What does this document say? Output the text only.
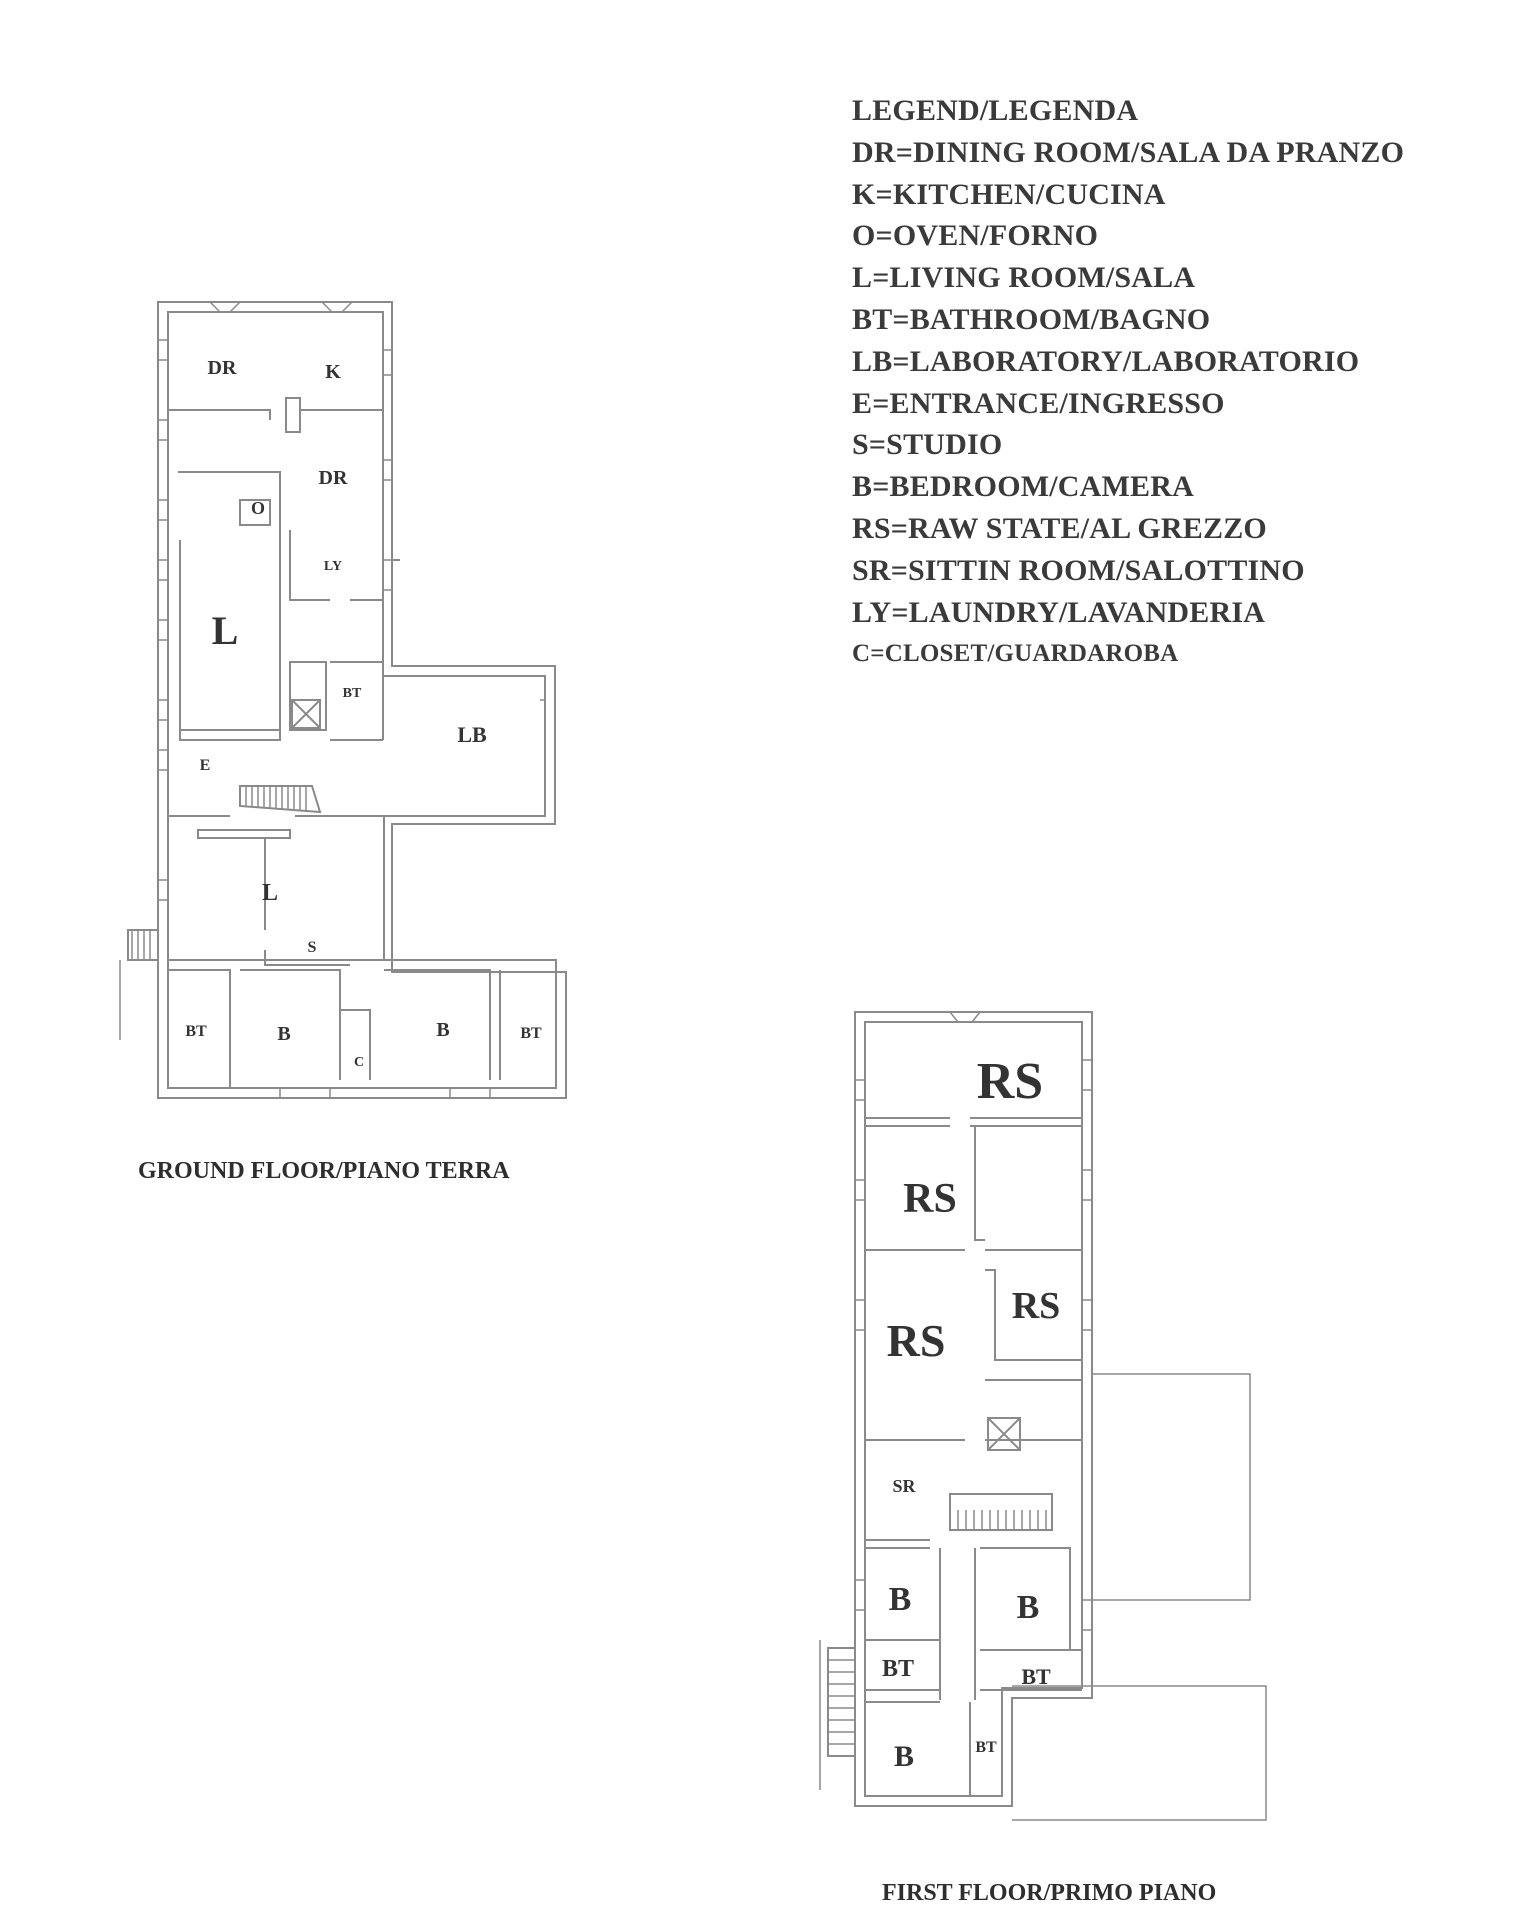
DR	K
DR
O
LY
L
BT
LB
E
L
S
BT	B
C
B	BT
RS
RS
RS
RS
SR
B	B
BT	BT
B	BT
LEGEND/LEGENDA
DR=DINING ROOM/SALA DA PRANZO
K=KITCHEN/CUCINA
O=OVEN/FORNO
L=LIVING ROOM/SALA
BT=BATHROOM/BAGNO
LB=LABORATORY/LABORATORIO
E=ENTRANCE/INGRESSO
S=STUDIO
B=BEDROOM/CAMERA
RS=RAW STATE/AL GREZZO
SR=SITTIN ROOM/SALOTTINO
LY=LAUNDRY/LAVANDERIA
C=CLOSET/GUARDAROBA
GROUND FLOOR/PIANO TERRA
FIRST FLOOR/PRIMO PIANO
